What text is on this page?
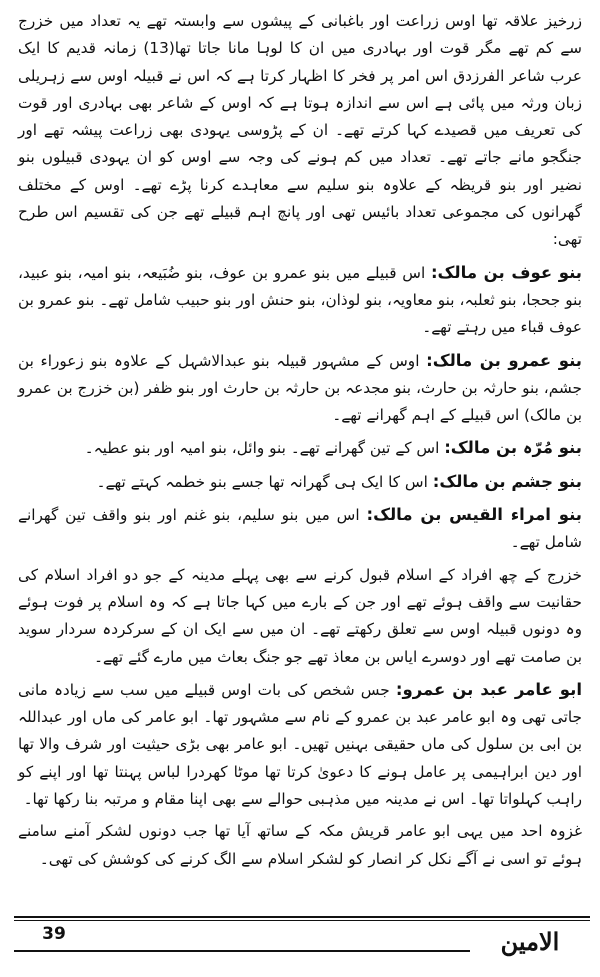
زرخیز علاقہ تھا اوس زراعت اور باغبانی کے پیشوں سے وابستہ تھے یہ تعداد میں خزرج سے کم تھے مگر قوت اور بہادری میں ان کا لوہا مانا جاتا تھا(13) زمانہ قدیم کا ایک عرب شاعر الفرزدق اس امر پر فخر کا اظہار کرتا ہے کہ اس نے قبیلہ اوس سے زہریلی زبان ورثہ میں پائی ہے اس سے اندازہ ہوتا ہے کہ اوس کے شاعر بھی بہادری اور قوت کی تعریف میں قصیدے کہا کرتے تھے۔ ان کے پڑوسی یہودی بھی زراعت پیشہ تھے اور جنگجو مانے جاتے تھے۔ تعداد میں کم ہونے کی وجہ سے اوس کو ان یہودی قبیلوں بنو نضیر اور بنو قریظہ کے علاوہ بنو سلیم سے معاہدے کرنا پڑے تھے۔ اوس کے مختلف گھرانوں کی مجموعی تعداد بائیس تھی اور پانچ اہم قبیلے تھے جن کی تقسیم اس طرح تھی:

بنو عوف بن مالک: اس قبیلے میں بنو عمرو بن عوف، بنو ضُبَیعہ، بنو امیہ، بنو عبید، بنو جحجا، بنو ثعلبہ، بنو معاویہ، بنو لوذان، بنو حنش اور بنو حبیب شامل تھے۔ بنو عمرو بن عوف قباء میں رہتے تھے۔

بنو عمرو بن مالک: اوس کے مشہور قبیلہ بنو عبدالاشہل کے علاوہ بنو زعوراء بن جشم، بنو حارثہ بن حارث، بنو مجدعہ بن حارثہ بن حارث اور بنو ظفر (بن خزرج بن عمرو بن مالک) اس قبیلے کے اہم گھرانے تھے۔

بنو مُرّہ بن مالک: اس کے تین گھرانے تھے۔ بنو وائل، بنو امیہ اور بنو عطیہ۔

بنو جشم بن مالک: اس کا ایک ہی گھرانہ تھا جسے بنو خطمہ کہتے تھے۔

بنو امراء القیس بن مالک: اس میں بنو سلیم، بنو غنم اور بنو واقف تین گھرانے شامل تھے۔

خزرج کے چھ افراد کے اسلام قبول کرنے سے بھی پہلے مدینہ کے جو دو افراد اسلام کی حقانیت سے واقف ہوئے تھے اور جن کے بارے میں کہا جاتا ہے کہ وہ اسلام پر فوت ہوئے وہ دونوں قبیلہ اوس سے تعلق رکھتے تھے۔ ان میں سے ایک ان کے سرکردہ سردار سوید بن صامت تھے اور دوسرے ایاس بن معاذ تھے جو جنگ بعاث میں مارے گئے تھے۔

ابو عامر عبد بن عمرو: جس شخص کی بات اوس قبیلے میں سب سے زیادہ مانی جاتی تھی وہ ابو عامر عبد بن عمرو کے نام سے مشہور تھا۔ ابو عامر کی ماں اور عبداللہ بن ابی بن سلول کی ماں حقیقی بہنیں تھیں۔ ابو عامر بھی بڑی حیثیت اور شرف والا تھا اور دین ابراہیمی پر عامل ہونے کا دعویٰ کرتا تھا موٹا کھردرا لباس پہنتا تھا اور اپنے کو راہب کہلواتا تھا۔ اس نے مدینہ میں مذہبی حوالے سے بھی اپنا مقام و مرتبہ بنا رکھا تھا۔

غزوہ احد میں یہی ابو عامر قریش مکہ کے ساتھ آیا تھا جب دونوں لشکر آمنے سامنے ہوئے تو اسی نے آگے نکل کر انصار کو لشکر اسلام سے الگ کرنے کی کوشش کی تھی۔

39	الامین
